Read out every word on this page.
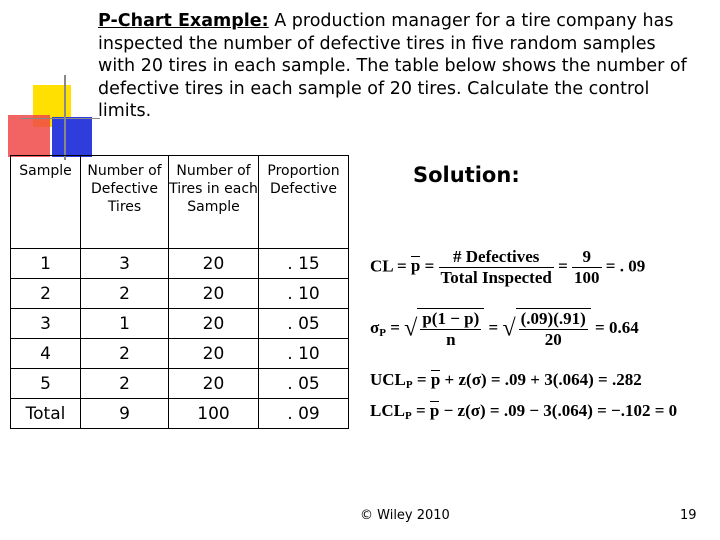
P-Chart Example: A production manager for a tire company has inspected the number of defective tires in five random samples with 20 tires in each sample. The table below shows the number of defective tires in each sample of 20 tires. Calculate the control limits.
Sample	Number of Defective Tires	Number of Tires in each Sample	Proportion Defective
1	3	20	. 15
2	2	20	. 10
3	1	20	. 05
4	2	20	. 10
5	2	20	. 05
Total	9	100	. 09
Solution:
CL = p =	# Defectives
Total Inspected
= $\frac{9}{100}$ = . 09
$\sigma_P$ = √ $\frac{p(1 - p)}{n}$ = √ $\frac{(.09)(.91)}{20} = 0.64$
$UCL_P = p + z(\sigma) = .09 + 3(.064) = .282$
$LCL_P = p - z(\sigma) = .09 - 3(.064) = -.102 = 0$
© Wiley 2010	19
